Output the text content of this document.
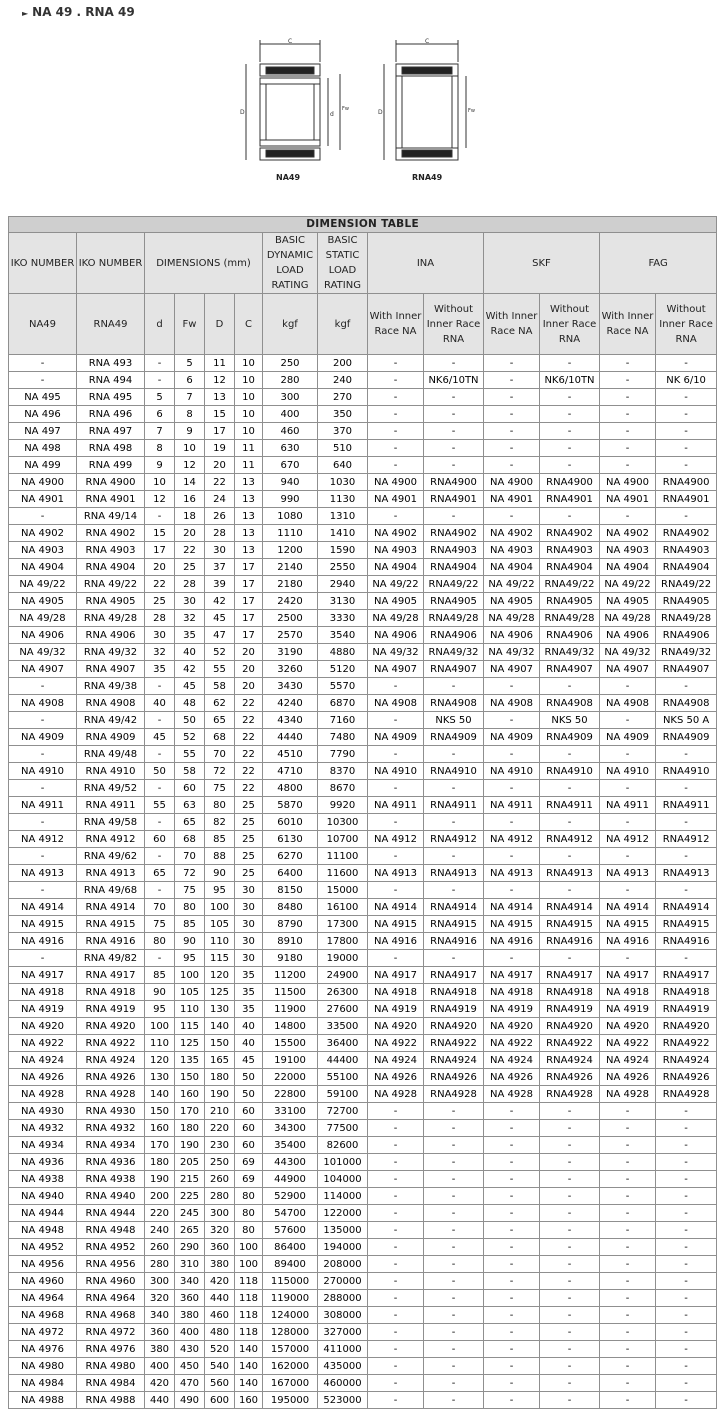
► NA 49 . RNA 49
C
D	d
Fw
NA49
C
D	Fw
RNA49
DIMENSION TABLE													
IKO NUMBER	IKO NUMBER	DIMENSIONS (mm)				BASIC DYNAMIC LOAD RATING	BASIC STATIC LOAD RATING	INA		SKF		FAG	
NA49	RNA49	d	Fw	D	C	kgf	kgf	With Inner Race NA	Without Inner Race RNA	With Inner Race NA	Without Inner Race RNA	With Inner Race NA	Without Inner Race RNA
-	RNA 493	-	5	11	10	250	200	-	-	-	-	-	-
-	RNA 494	-	6	12	10	280	240	-	NK6/10TN	-	NK6/10TN	-	NK 6/10
NA 495	RNA 495	5	7	13	10	300	270	-	-	-	-	-	-
NA 496	RNA 496	6	8	15	10	400	350	-	-	-	-	-	-
NA 497	RNA 497	7	9	17	10	460	370	-	-	-	-	-	-
NA 498	RNA 498	8	10	19	11	630	510	-	-	-	-	-	-
NA 499	RNA 499	9	12	20	11	670	640	-	-	-	-	-	-
NA 4900	RNA 4900	10	14	22	13	940	1030	NA 4900	RNA4900	NA 4900	RNA4900	NA 4900	RNA4900
NA 4901	RNA 4901	12	16	24	13	990	1130	NA 4901	RNA4901	NA 4901	RNA4901	NA 4901	RNA4901
-	RNA 49/14	-	18	26	13	1080	1310	-	-	-	-	-	-
NA 4902	RNA 4902	15	20	28	13	1110	1410	NA 4902	RNA4902	NA 4902	RNA4902	NA 4902	RNA4902
NA 4903	RNA 4903	17	22	30	13	1200	1590	NA 4903	RNA4903	NA 4903	RNA4903	NA 4903	RNA4903
NA 4904	RNA 4904	20	25	37	17	2140	2550	NA 4904	RNA4904	NA 4904	RNA4904	NA 4904	RNA4904
NA 49/22	RNA 49/22	22	28	39	17	2180	2940	NA 49/22	RNA49/22	NA 49/22	RNA49/22	NA 49/22	RNA49/22
NA 4905	RNA 4905	25	30	42	17	2420	3130	NA 4905	RNA4905	NA 4905	RNA4905	NA 4905	RNA4905
NA 49/28	RNA 49/28	28	32	45	17	2500	3330	NA 49/28	RNA49/28	NA 49/28	RNA49/28	NA 49/28	RNA49/28
NA 4906	RNA 4906	30	35	47	17	2570	3540	NA 4906	RNA4906	NA 4906	RNA4906	NA 4906	RNA4906
NA 49/32	RNA 49/32	32	40	52	20	3190	4880	NA 49/32	RNA49/32	NA 49/32	RNA49/32	NA 49/32	RNA49/32
NA 4907	RNA 4907	35	42	55	20	3260	5120	NA 4907	RNA4907	NA 4907	RNA4907	NA 4907	RNA4907
-	RNA 49/38	-	45	58	20	3430	5570	-	-	-	-	-	-
NA 4908	RNA 4908	40	48	62	22	4240	6870	NA 4908	RNA4908	NA 4908	RNA4908	NA 4908	RNA4908
-	RNA 49/42	-	50	65	22	4340	7160	-	NKS 50	-	NKS 50	-	NKS 50 A
NA 4909	RNA 4909	45	52	68	22	4440	7480	NA 4909	RNA4909	NA 4909	RNA4909	NA 4909	RNA4909
-	RNA 49/48	-	55	70	22	4510	7790	-	-	-	-	-	-
NA 4910	RNA 4910	50	58	72	22	4710	8370	NA 4910	RNA4910	NA 4910	RNA4910	NA 4910	RNA4910
-	RNA 49/52	-	60	75	22	4800	8670	-	-	-	-	-	-
NA 4911	RNA 4911	55	63	80	25	5870	9920	NA 4911	RNA4911	NA 4911	RNA4911	NA 4911	RNA4911
-	RNA 49/58	-	65	82	25	6010	10300	-	-	-	-	-	-
NA 4912	RNA 4912	60	68	85	25	6130	10700	NA 4912	RNA4912	NA 4912	RNA4912	NA 4912	RNA4912
-	RNA 49/62	-	70	88	25	6270	11100	-	-	-	-	-	-
NA 4913	RNA 4913	65	72	90	25	6400	11600	NA 4913	RNA4913	NA 4913	RNA4913	NA 4913	RNA4913
-	RNA 49/68	-	75	95	30	8150	15000	-	-	-	-	-	-
NA 4914	RNA 4914	70	80	100	30	8480	16100	NA 4914	RNA4914	NA 4914	RNA4914	NA 4914	RNA4914
NA 4915	RNA 4915	75	85	105	30	8790	17300	NA 4915	RNA4915	NA 4915	RNA4915	NA 4915	RNA4915
NA 4916	RNA 4916	80	90	110	30	8910	17800	NA 4916	RNA4916	NA 4916	RNA4916	NA 4916	RNA4916
-	RNA 49/82	-	95	115	30	9180	19000	-	-	-	-	-	-
NA 4917	RNA 4917	85	100	120	35	11200	24900	NA 4917	RNA4917	NA 4917	RNA4917	NA 4917	RNA4917
NA 4918	RNA 4918	90	105	125	35	11500	26300	NA 4918	RNA4918	NA 4918	RNA4918	NA 4918	RNA4918
NA 4919	RNA 4919	95	110	130	35	11900	27600	NA 4919	RNA4919	NA 4919	RNA4919	NA 4919	RNA4919
NA 4920	RNA 4920	100	115	140	40	14800	33500	NA 4920	RNA4920	NA 4920	RNA4920	NA 4920	RNA4920
NA 4922	RNA 4922	110	125	150	40	15500	36400	NA 4922	RNA4922	NA 4922	RNA4922	NA 4922	RNA4922
NA 4924	RNA 4924	120	135	165	45	19100	44400	NA 4924	RNA4924	NA 4924	RNA4924	NA 4924	RNA4924
NA 4926	RNA 4926	130	150	180	50	22000	55100	NA 4926	RNA4926	NA 4926	RNA4926	NA 4926	RNA4926
NA 4928	RNA 4928	140	160	190	50	22800	59100	NA 4928	RNA4928	NA 4928	RNA4928	NA 4928	RNA4928
NA 4930	RNA 4930	150	170	210	60	33100	72700	-	-	-	-	-	-
NA 4932	RNA 4932	160	180	220	60	34300	77500	-	-	-	-	-	-
NA 4934	RNA 4934	170	190	230	60	35400	82600	-	-	-	-	-	-
NA 4936	RNA 4936	180	205	250	69	44300	101000	-	-	-	-	-	-
NA 4938	RNA 4938	190	215	260	69	44900	104000	-	-	-	-	-	-
NA 4940	RNA 4940	200	225	280	80	52900	114000	-	-	-	-	-	-
NA 4944	RNA 4944	220	245	300	80	54700	122000	-	-	-	-	-	-
NA 4948	RNA 4948	240	265	320	80	57600	135000	-	-	-	-	-	-
NA 4952	RNA 4952	260	290	360	100	86400	194000	-	-	-	-	-	-
NA 4956	RNA 4956	280	310	380	100	89400	208000	-	-	-	-	-	-
NA 4960	RNA 4960	300	340	420	118	115000	270000	-	-	-	-	-	-
NA 4964	RNA 4964	320	360	440	118	119000	288000	-	-	-	-	-	-
NA 4968	RNA 4968	340	380	460	118	124000	308000	-	-	-	-	-	-
NA 4972	RNA 4972	360	400	480	118	128000	327000	-	-	-	-	-	-
NA 4976	RNA 4976	380	430	520	140	157000	411000	-	-	-	-	-	-
NA 4980	RNA 4980	400	450	540	140	162000	435000	-	-	-	-	-	-
NA 4984	RNA 4984	420	470	560	140	167000	460000	-	-	-	-	-	-
NA 4988	RNA 4988	440	490	600	160	195000	523000	-	-	-	-	-	-
